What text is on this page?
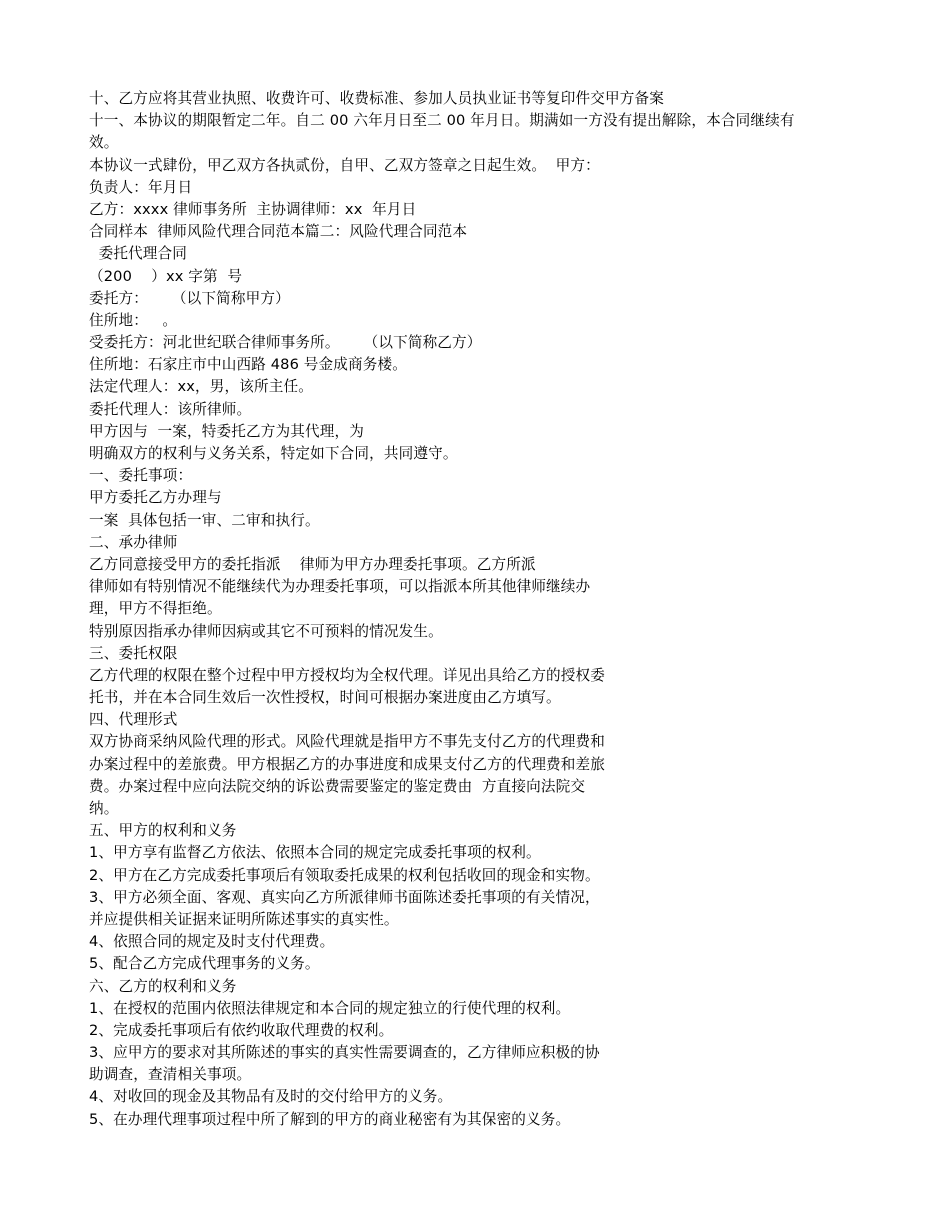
十、乙方应将其营业执照、收费许可、收费标准、参加人员执业证书等复印件交甲方备案
十一、本协议的期限暂定二年。自二 00 六年月日至二 00 年月日。期满如一方没有提出解除，本合同继续有
效。
本协议一式肆份，甲乙双方各执贰份，自甲、乙双方签章之日起生效。  甲方：
负责人：年月日
乙方：xxxx 律师事务所  主协调律师：xx  年月日
合同样本  律师风险代理合同范本篇二：风险代理合同范本
委托代理合同
（200    ）xx 字第  号
委托方：     （以下简称甲方）
住所地：   。
受委托方：河北世纪联合律师事务所。     （以下简称乙方）
住所地：石家庄市中山西路 486 号金成商务楼。
法定代理人：xx，男，该所主任。
委托代理人：该所律师。
甲方因与  一案，特委托乙方为其代理，为
明确双方的权利与义务关系，特定如下合同，共同遵守。
一、委托事项：
甲方委托乙方办理与
一案  具体包括一审、二审和执行。
二、承办律师
乙方同意接受甲方的委托指派    律师为甲方办理委托事项。乙方所派
律师如有特别情况不能继续代为办理委托事项，可以指派本所其他律师继续办
理，甲方不得拒绝。
特别原因指承办律师因病或其它不可预料的情况发生。
三、委托权限
乙方代理的权限在整个过程中甲方授权均为全权代理。详见出具给乙方的授权委
托书，并在本合同生效后一次性授权，时间可根据办案进度由乙方填写。
四、代理形式
双方协商采纳风险代理的形式。风险代理就是指甲方不事先支付乙方的代理费和
办案过程中的差旅费。甲方根据乙方的办事进度和成果支付乙方的代理费和差旅
费。办案过程中应向法院交纳的诉讼费需要鉴定的鉴定费由  方直接向法院交
纳。
五、甲方的权利和义务
1、甲方享有监督乙方依法、依照本合同的规定完成委托事项的权利。
2、甲方在乙方完成委托事项后有领取委托成果的权利包括收回的现金和实物。
3、甲方必须全面、客观、真实向乙方所派律师书面陈述委托事项的有关情况，
并应提供相关证据来证明所陈述事实的真实性。
4、依照合同的规定及时支付代理费。
5、配合乙方完成代理事务的义务。
六、乙方的权利和义务
1、在授权的范围内依照法律规定和本合同的规定独立的行使代理的权利。
2、完成委托事项后有依约收取代理费的权利。
3、应甲方的要求对其所陈述的事实的真实性需要调查的，乙方律师应积极的协
助调查，查清相关事项。
4、对收回的现金及其物品有及时的交付给甲方的义务。
5、在办理代理事项过程中所了解到的甲方的商业秘密有为其保密的义务。
